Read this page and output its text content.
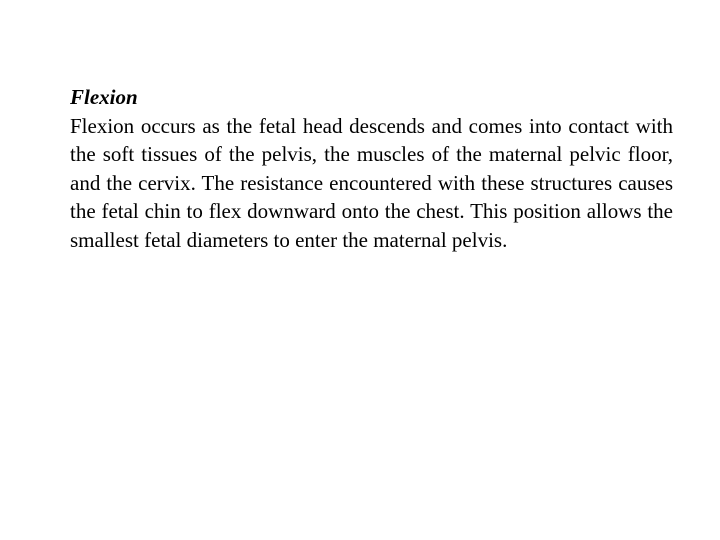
Flexion

Flexion occurs as the fetal head descends and comes into contact with the soft tissues of the pelvis, the muscles of the maternal pelvic floor, and the cervix. The resistance encountered with these structures causes the fetal chin to flex downward onto the chest. This position allows the smallest fetal diameters to enter the maternal pelvis.
